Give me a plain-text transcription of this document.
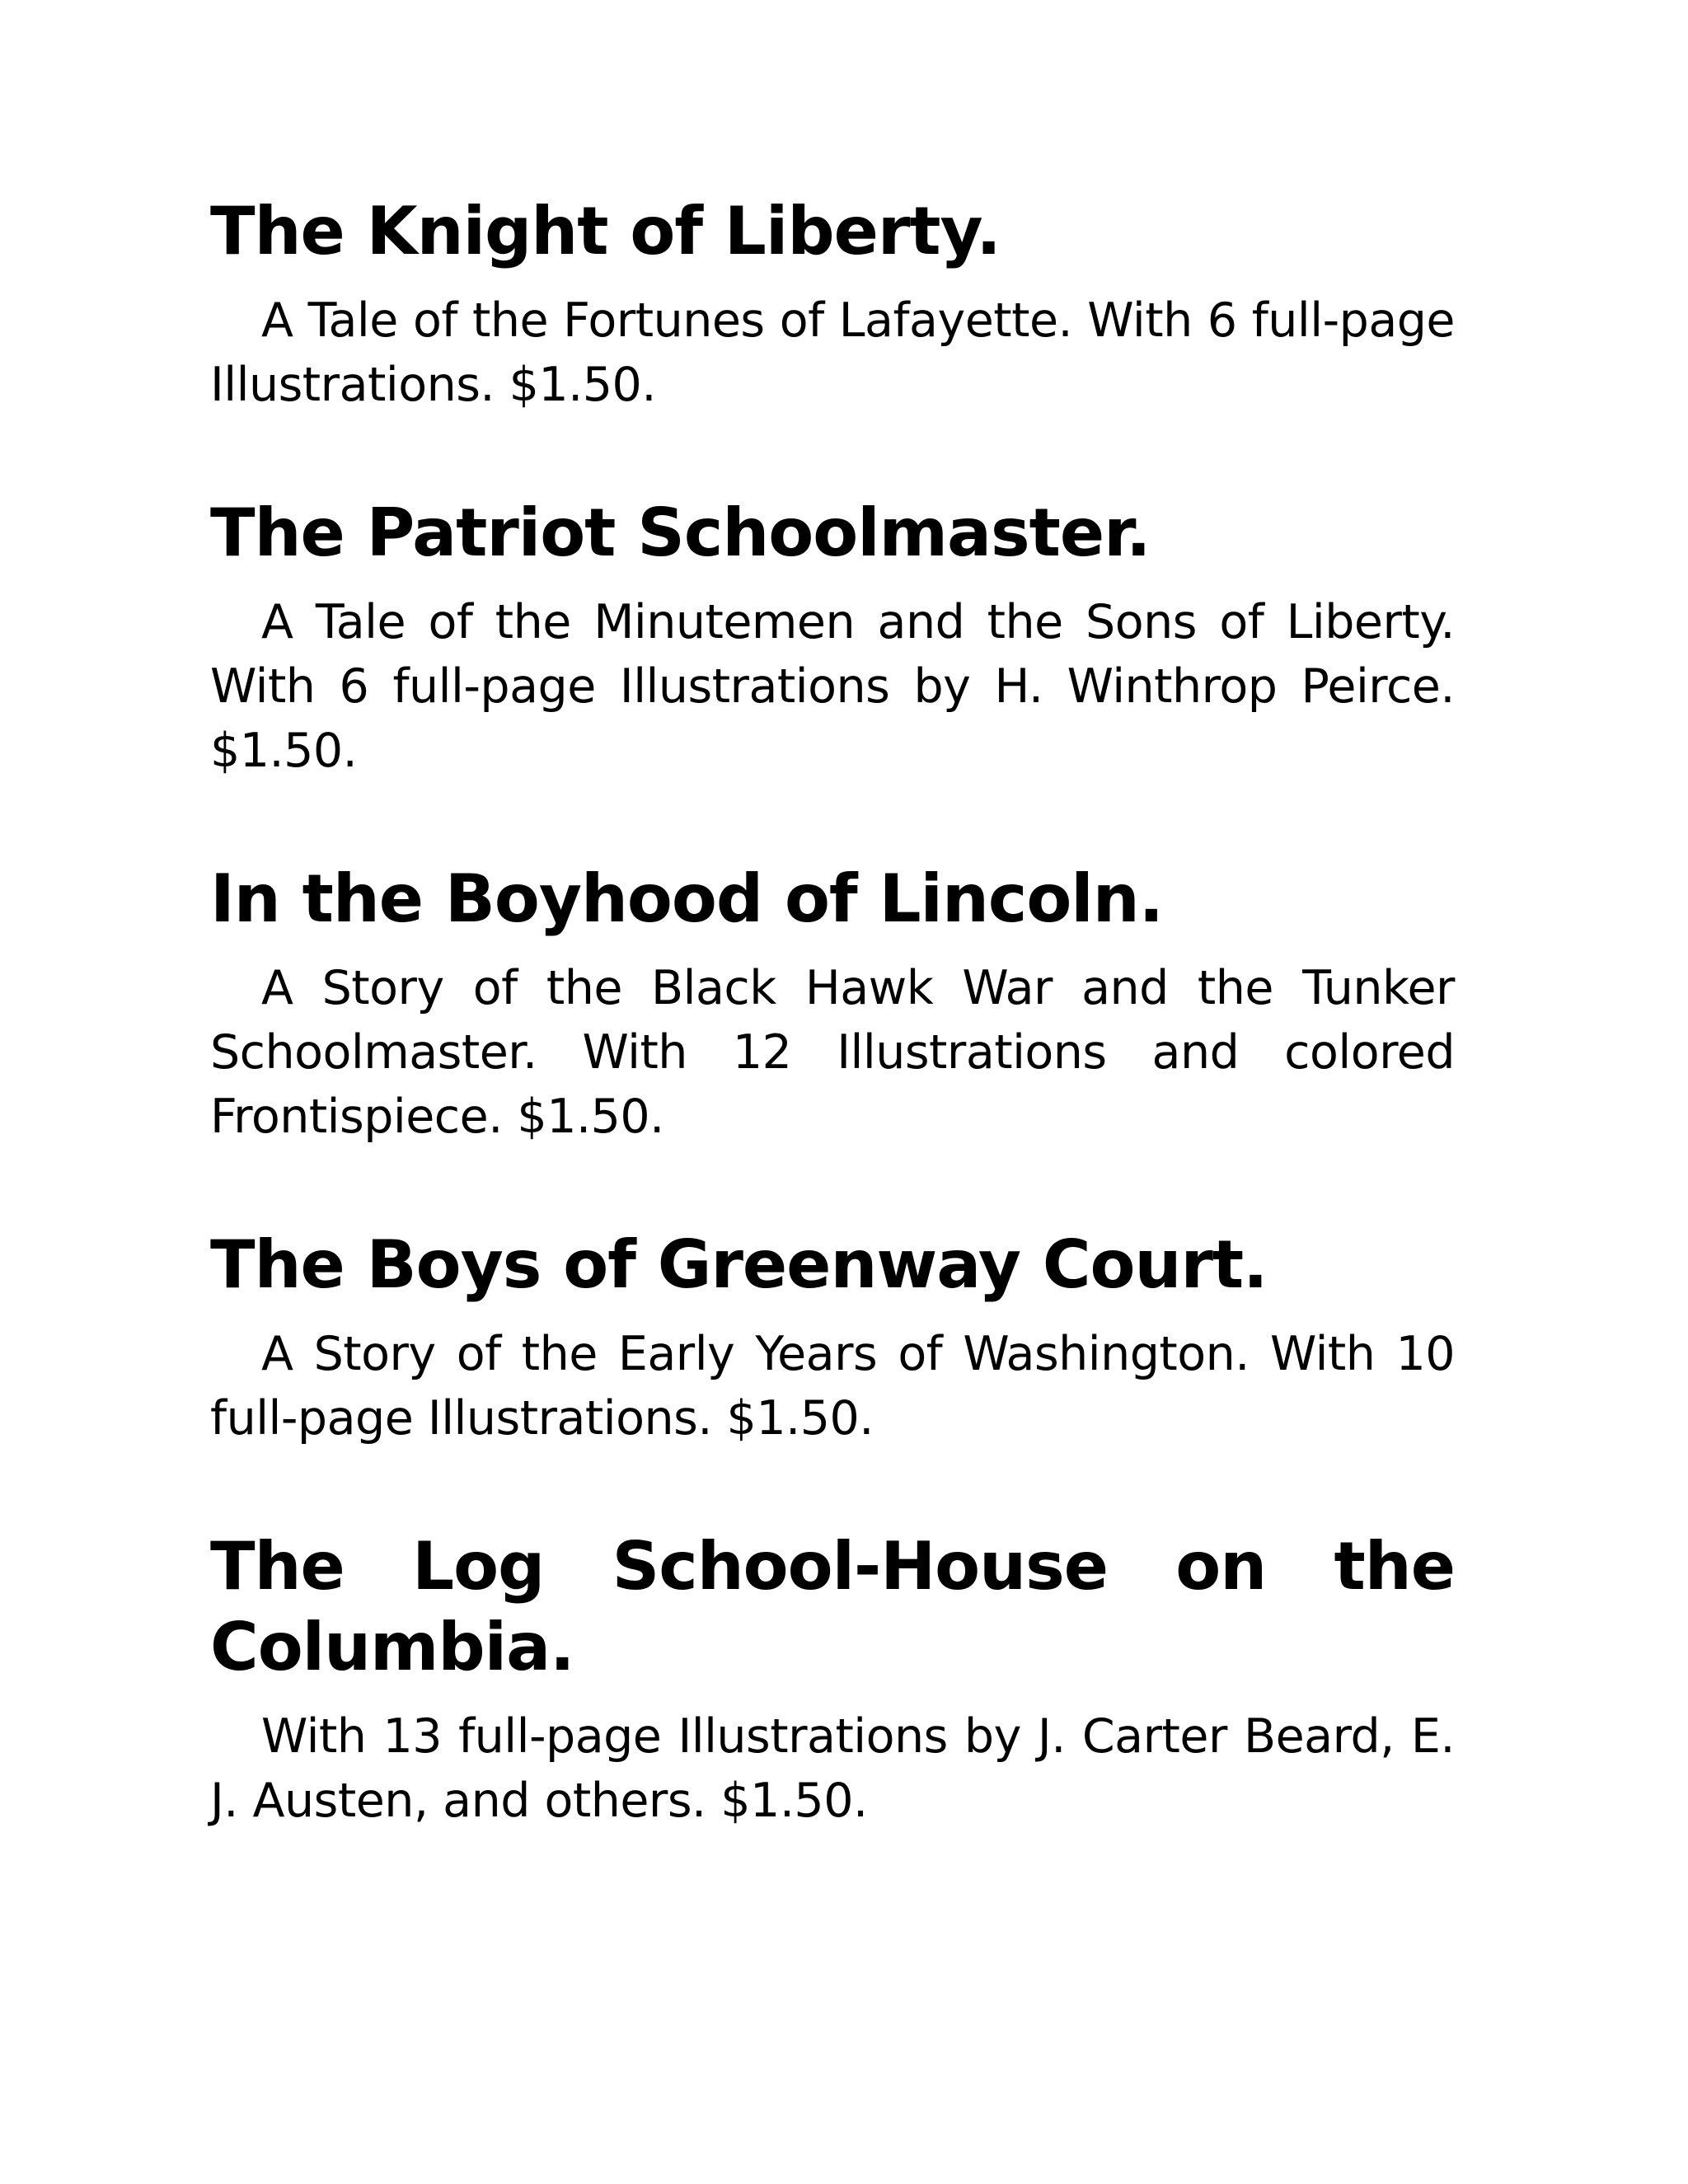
The Knight of Liberty.

A Tale of the Fortunes of Lafayette. With 6 full-page Illustrations. $1.50.

The Patriot Schoolmaster.

A Tale of the Minutemen and the Sons of Liberty. With 6 full-page Illustrations by H. Winthrop Peirce. $1.50.

In the Boyhood of Lincoln.

A Story of the Black Hawk War and the Tunker Schoolmaster. With 12 Illustrations and colored Frontispiece. $1.50.

The Boys of Greenway Court.

A Story of the Early Years of Washington. With 10 full-page Illustrations. $1.50.

The Log School-House on the Columbia.

With 13 full-page Illustrations by J. Carter Beard, E. J. Austen, and others. $1.50.
